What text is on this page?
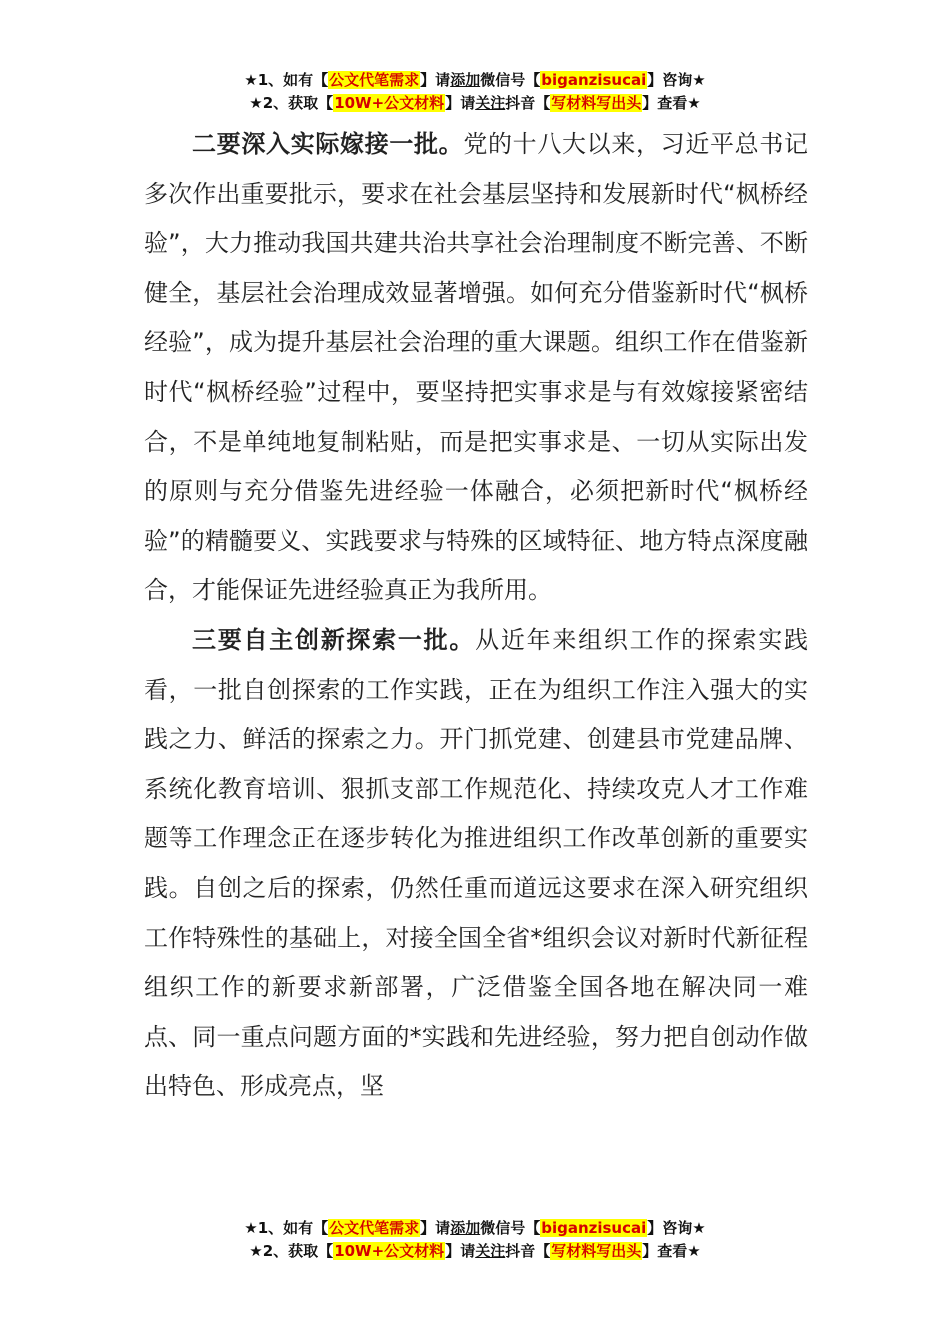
★1、如有【公文代笔需求】请添加微信号【biganzisucai】咨询★
★2、获取【10W+公文材料】请关注抖音【写材料写出头】查看★

二要深入实际嫁接一批。党的十八大以来，习近平总书记多次作出重要批示，要求在社会基层坚持和发展新时代“枫桥经验”，大力推动我国共建共治共享社会治理制度不断完善、不断健全，基层社会治理成效显著增强。如何充分借鉴新时代“枫桥经验”，成为提升基层社会治理的重大课题。组织工作在借鉴新时代“枫桥经验”过程中，要坚持把实事求是与有效嫁接紧密结合，不是单纯地复制粘贴，而是把实事求是、一切从实际出发的原则与充分借鉴先进经验一体融合，必须把新时代“枫桥经验”的精髓要义、实践要求与特殊的区域特征、地方特点深度融合，才能保证先进经验真正为我所用。

三要自主创新探索一批。从近年来组织工作的探索实践看，一批自创探索的工作实践，正在为组织工作注入强大的实践之力、鲜活的探索之力。开门抓党建、创建县市党建品牌、系统化教育培训、狠抓支部工作规范化、持续攻克人才工作难题等工作理念正在逐步转化为推进组织工作改革创新的重要实践。自创之后的探索，仍然任重而道远这要求在深入研究组织工作特殊性的基础上，对接全国全省*组织会议对新时代新征程组织工作的新要求新部署，广泛借鉴全国各地在解决同一难点、同一重点问题方面的*实践和先进经验，努力把自创动作做出特色、形成亮点，坚

★1、如有【公文代笔需求】请添加微信号【biganzisucai】咨询★
★2、获取【10W+公文材料】请关注抖音【写材料写出头】查看★
